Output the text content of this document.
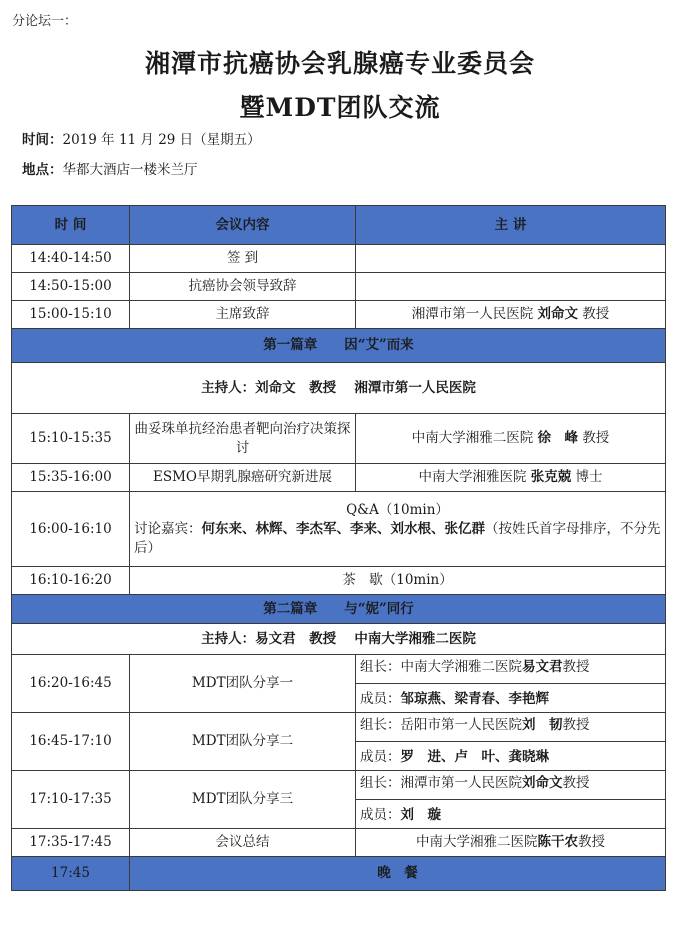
分论坛一：
湘潭市抗癌协会乳腺癌专业委员会
暨MDT团队交流
时间：2019 年 11 月 29 日（星期五）
地点：华都大酒店一楼米兰厅
时 间	会议内容	主 讲
14:40-14:50	签 到	
14:50-15:00	抗癌协会领导致辞	
15:00-15:10	主席致辞	湘潭市第一人民医院 刘命文 教授
第一篇章　　因“艾”而来		
主持人：刘命文　教授　 湘潭市第一人民医院		
15:10-15:35	曲妥珠单抗经治患者靶向治疗决策探讨	中南大学湘雅二医院 徐　峰 教授
15:35-16:00	ESMO早期乳腺癌研究新进展	中南大学湘雅医院 张克兢 博士
16:00-16:10	Q&A（10min）
讨论嘉宾：何东来、林辉、李杰军、李来、刘水根、张亿群（按姓氏首字母排序，不分先后）	

16:10-16:20	茶　歇（10min）	
第二篇章　　与“妮”同行		
主持人：易文君　教授　 中南大学湘雅二医院		
16:20-16:45	MDT团队分享一	组长：中南大学湘雅二医院易文君教授
成员：邹琼燕、梁青春、李艳辉

16:45-17:10	MDT团队分享二	组长：岳阳市第一人民医院刘　韧教授
成员：罗　进、卢　叶、龚晓琳

17:10-17:35	MDT团队分享三	组长：湘潭市第一人民医院刘命文教授
成员：刘　璇

17:35-17:45	会议总结	中南大学湘雅二医院陈干农教授
17:45	晚　餐	
